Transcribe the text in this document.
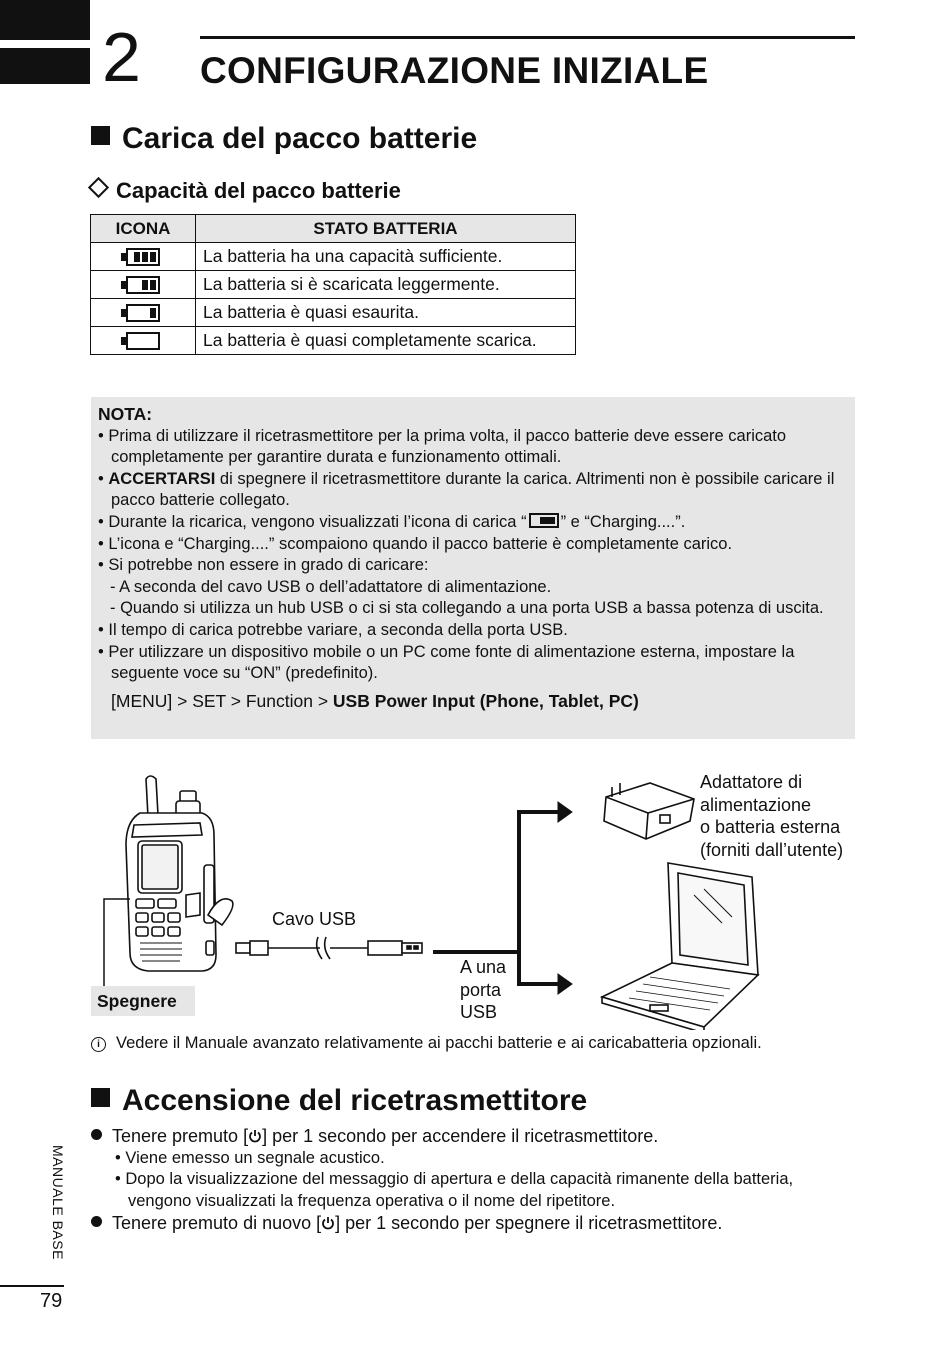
2 CONFIGURAZIONE INIZIALE
Carica del pacco batterie
Capacità del pacco batterie
ICONA	STATO BATTERIA

	La batteria ha una capacità sufficiente.

	La batteria si è scaricata leggermente.

	La batteria è quasi esaurita.
	La batteria è quasi completamente scarica.
NOTA:
• Prima di utilizzare il ricetrasmettitore per la prima volta, il pacco batterie deve essere caricato completamente per garantire durata e funzionamento ottimali.
• ACCERTARSI di spegnere il ricetrasmettitore durante la carica. Altrimenti non è possibile caricare il pacco batterie collegato.
• Durante la ricarica, vengono visualizzati l’icona di carica “ ” e “Charging....”.
• L’icona e “Charging....” scompaiono quando il pacco batterie è completamente carico.
• Si potrebbe non essere in grado di caricare:
- A seconda del cavo USB o dell’adattatore di alimentazione.
- Quando si utilizza un hub USB o ci si sta collegando a una porta USB a bassa potenza di uscita.
• Il tempo di carica potrebbe variare, a seconda della porta USB.
• Per utilizzare un dispositivo mobile o un PC come fonte di alimentazione esterna, impostare la seguente voce su “ON” (predefinito).
[MENU] > SET > Function > USB Power Input (Phone, Tablet, PC)
Adattatore di
alimentazione
o batteria esterna
(forniti dall’utente)
Cavo USB
A una
porta
USB
Spegnere
i Vedere il Manuale avanzato relativamente ai pacchi batterie e ai caricabatteria opzionali.
Accensione del ricetrasmettitore
Tenere premuto [ ] per 1 secondo per accendere il ricetrasmettitore.
• Viene emesso un segnale acustico.
• Dopo la visualizzazione del messaggio di apertura e della capacità rimanente della batteria, vengono visualizzati la frequenza operativa o il nome del ripetitore.
Tenere premuto di nuovo [ ] per 1 secondo per spegnere il ricetrasmettitore.
MANUALE BASE
79
